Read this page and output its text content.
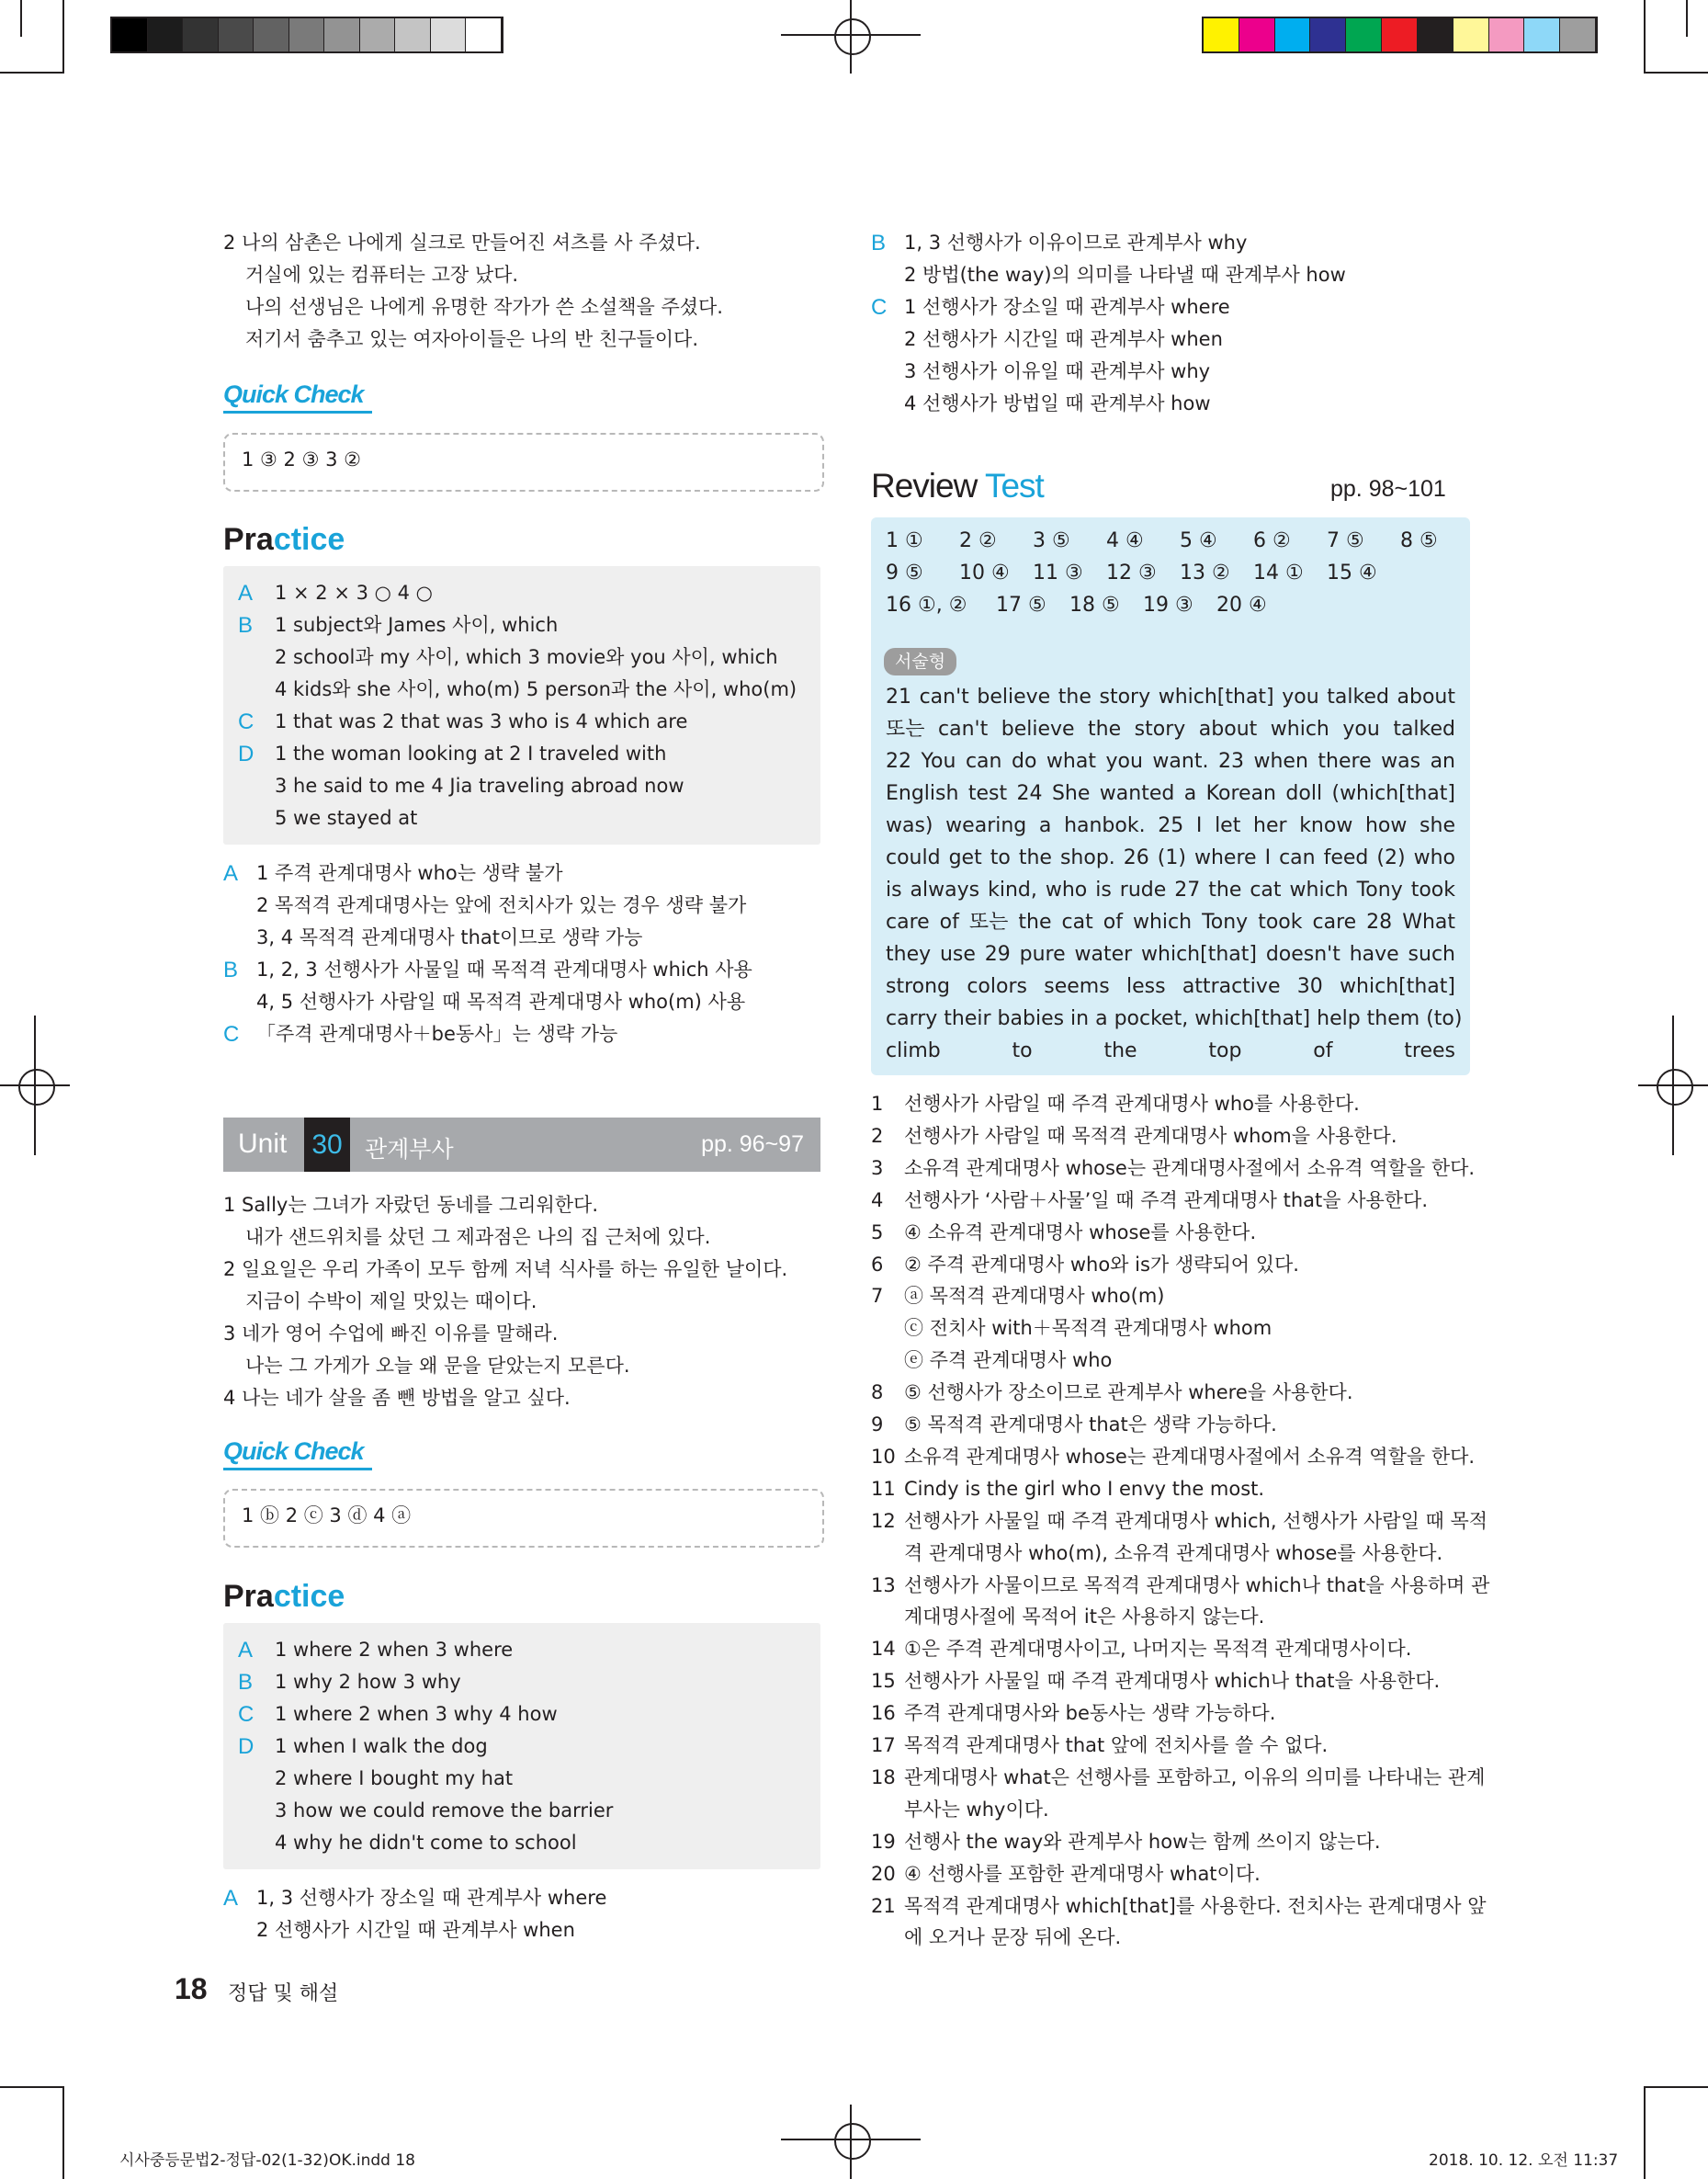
2 나의 삼촌은 나에게 실크로 만들어진 셔츠를 사 주셨다.
거실에 있는 컴퓨터는 고장 났다.
나의 선생님은 나에게 유명한 작가가 쓴 소설책을 주셨다.
저기서 춤추고 있는 여자아이들은 나의 반 친구들이다.
Quick Check
1 ③ 2 ③ 3 ②
Practice
A 1 × 2 × 3 ○ 4 ○
B 1 subject와 James 사이, which
2 school과 my 사이, which 3 movie와 you 사이, which
4 kids와 she 사이, who(m) 5 person과 the 사이, who(m)
C 1 that was 2 that was 3 who is 4 which are
D 1 the woman looking at 2 I traveled with
3 he said to me 4 Jia traveling abroad now
5 we stayed at
A 1 주격 관계대명사 who는 생략 불가
2 목적격 관계대명사는 앞에 전치사가 있는 경우 생략 불가
3, 4 목적격 관계대명사 that이므로 생략 가능
B 1, 2, 3 선행사가 사물일 때 목적격 관계대명사 which 사용
4, 5 선행사가 사람일 때 목적격 관계대명사 who(m) 사용
C 「주격 관계대명사＋be동사」는 생략 가능
Unit 30 관계부사	pp. 96~97
1 Sally는 그녀가 자랐던 동네를 그리워한다.
내가 샌드위치를 샀던 그 제과점은 나의 집 근처에 있다.
2 일요일은 우리 가족이 모두 함께 저녁 식사를 하는 유일한 날이다.
지금이 수박이 제일 맛있는 때이다.
3 네가 영어 수업에 빠진 이유를 말해라.
나는 그 가게가 오늘 왜 문을 닫았는지 모른다.
4 나는 네가 살을 좀 뺀 방법을 알고 싶다.
Quick Check
1 ⓑ 2 ⓒ 3 ⓓ 4 ⓐ
Practice
A 1 where 2 when 3 where
B 1 why 2 how 3 why
C 1 where 2 when 3 why 4 how
D 1 when I walk the dog
2 where I bought my hat
3 how we could remove the barrier
4 why he didn't come to school
A 1, 3 선행사가 장소일 때 관계부사 where
2 선행사가 시간일 때 관계부사 when
18 정답 및 해설
B 1, 3 선행사가 이유이므로 관계부사 why
2 방법(the way)의 의미를 나타낼 때 관계부사 how
C 1 선행사가 장소일 때 관계부사 where
2 선행사가 시간일 때 관계부사 when
3 선행사가 이유일 때 관계부사 why
4 선행사가 방법일 때 관계부사 how
Review Test	pp. 98~101
1 ① 2 ② 3 ⑤ 4 ④ 5 ④ 6 ② 7 ⑤ 8 ⑤
9 ⑤ 10 ④ 11 ③ 12 ③ 13 ② 14 ① 15 ④
16 ①, ② 17 ⑤ 18 ⑤ 19 ③ 20 ④
서술형
21 can't believe the story which[that] you talked about
또는 can't believe the story about which you talked
22 You can do what you want. 23 when there was an
English test 24 She wanted a Korean doll (which[that]
was) wearing a hanbok. 25 I let her know how she
could get to the shop. 26 (1) where I can feed (2) who
is always kind, who is rude 27 the cat which Tony took
care of 또는 the cat of which Tony took care 28 What
they use 29 pure water which[that] doesn't have such
strong colors seems less attractive 30 which[that]
carry their babies in a pocket, which[that] help them (to)
climb to the top of trees
1 선행사가 사람일 때 주격 관계대명사 who를 사용한다.
2 선행사가 사람일 때 목적격 관계대명사 whom을 사용한다.
3 소유격 관계대명사 whose는 관계대명사절에서 소유격 역할을 한다.
4 선행사가 ‘사람＋사물’일 때 주격 관계대명사 that을 사용한다.
5 ④ 소유격 관계대명사 whose를 사용한다.
6 ② 주격 관계대명사 who와 is가 생략되어 있다.
7 ⓐ 목적격 관계대명사 who(m)
ⓒ 전치사 with＋목적격 관계대명사 whom
ⓔ 주격 관계대명사 who
8 ⑤ 선행사가 장소이므로 관계부사 where을 사용한다.
9 ⑤ 목적격 관계대명사 that은 생략 가능하다.
10 소유격 관계대명사 whose는 관계대명사절에서 소유격 역할을 한다.
11 Cindy is the girl who I envy the most.
12 선행사가 사물일 때 주격 관계대명사 which, 선행사가 사람일 때 목적
격 관계대명사 who(m), 소유격 관계대명사 whose를 사용한다.
13 선행사가 사물이므로 목적격 관계대명사 which나 that을 사용하며 관
계대명사절에 목적어 it은 사용하지 않는다.
14 ①은 주격 관계대명사이고, 나머지는 목적격 관계대명사이다.
15 선행사가 사물일 때 주격 관계대명사 which나 that을 사용한다.
16 주격 관계대명사와 be동사는 생략 가능하다.
17 목적격 관계대명사 that 앞에 전치사를 쓸 수 없다.
18 관계대명사 what은 선행사를 포함하고, 이유의 의미를 나타내는 관계
부사는 why이다.
19 선행사 the way와 관계부사 how는 함께 쓰이지 않는다.
20 ④ 선행사를 포함한 관계대명사 what이다.
21 목적격 관계대명사 which[that]를 사용한다. 전치사는 관계대명사 앞
에 오거나 문장 뒤에 온다.
시사중등문법2-정답-02(1-32)OK.indd 18	2018. 10. 12. 오전 11:37
